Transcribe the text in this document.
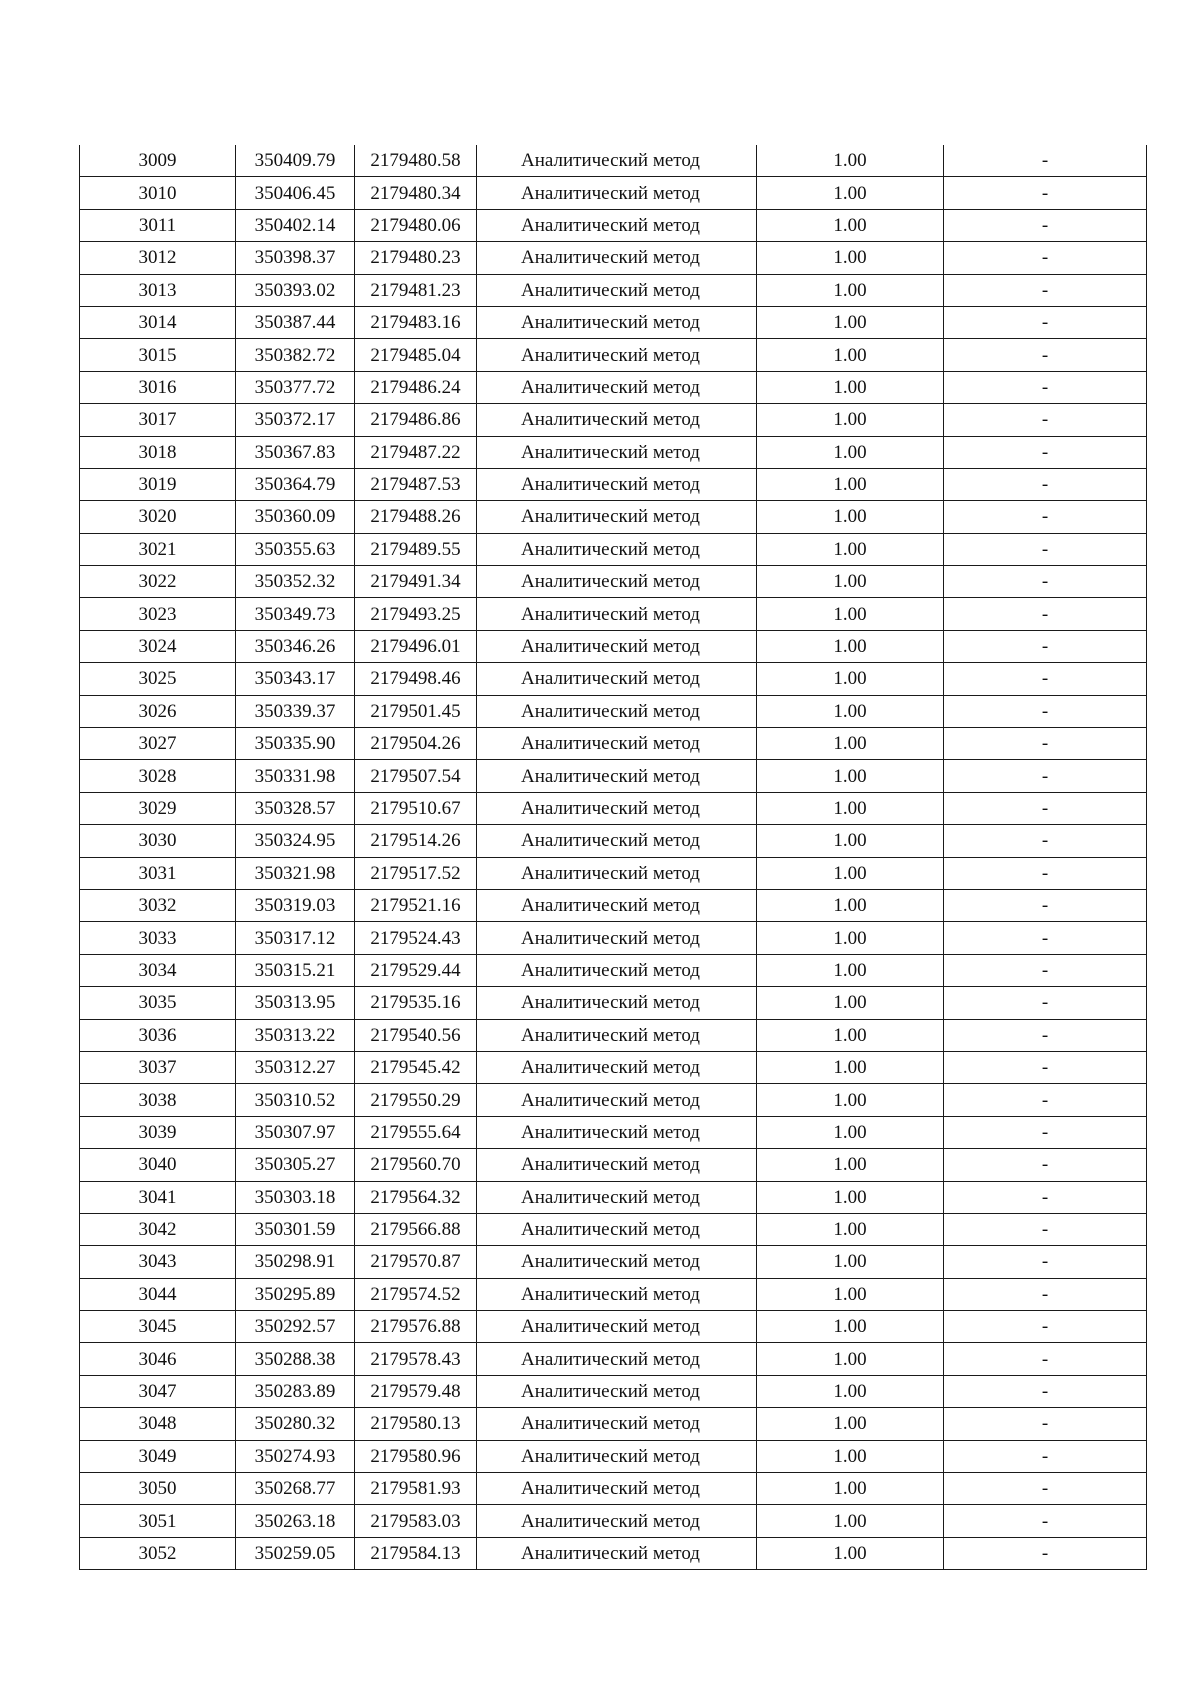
3009	350409.79	2179480.58	Аналитический метод	1.00	-
3010	350406.45	2179480.34	Аналитический метод	1.00	-
3011	350402.14	2179480.06	Аналитический метод	1.00	-
3012	350398.37	2179480.23	Аналитический метод	1.00	-
3013	350393.02	2179481.23	Аналитический метод	1.00	-
3014	350387.44	2179483.16	Аналитический метод	1.00	-
3015	350382.72	2179485.04	Аналитический метод	1.00	-
3016	350377.72	2179486.24	Аналитический метод	1.00	-
3017	350372.17	2179486.86	Аналитический метод	1.00	-
3018	350367.83	2179487.22	Аналитический метод	1.00	-
3019	350364.79	2179487.53	Аналитический метод	1.00	-
3020	350360.09	2179488.26	Аналитический метод	1.00	-
3021	350355.63	2179489.55	Аналитический метод	1.00	-
3022	350352.32	2179491.34	Аналитический метод	1.00	-
3023	350349.73	2179493.25	Аналитический метод	1.00	-
3024	350346.26	2179496.01	Аналитический метод	1.00	-
3025	350343.17	2179498.46	Аналитический метод	1.00	-
3026	350339.37	2179501.45	Аналитический метод	1.00	-
3027	350335.90	2179504.26	Аналитический метод	1.00	-
3028	350331.98	2179507.54	Аналитический метод	1.00	-
3029	350328.57	2179510.67	Аналитический метод	1.00	-
3030	350324.95	2179514.26	Аналитический метод	1.00	-
3031	350321.98	2179517.52	Аналитический метод	1.00	-
3032	350319.03	2179521.16	Аналитический метод	1.00	-
3033	350317.12	2179524.43	Аналитический метод	1.00	-
3034	350315.21	2179529.44	Аналитический метод	1.00	-
3035	350313.95	2179535.16	Аналитический метод	1.00	-
3036	350313.22	2179540.56	Аналитический метод	1.00	-
3037	350312.27	2179545.42	Аналитический метод	1.00	-
3038	350310.52	2179550.29	Аналитический метод	1.00	-
3039	350307.97	2179555.64	Аналитический метод	1.00	-
3040	350305.27	2179560.70	Аналитический метод	1.00	-
3041	350303.18	2179564.32	Аналитический метод	1.00	-
3042	350301.59	2179566.88	Аналитический метод	1.00	-
3043	350298.91	2179570.87	Аналитический метод	1.00	-
3044	350295.89	2179574.52	Аналитический метод	1.00	-
3045	350292.57	2179576.88	Аналитический метод	1.00	-
3046	350288.38	2179578.43	Аналитический метод	1.00	-
3047	350283.89	2179579.48	Аналитический метод	1.00	-
3048	350280.32	2179580.13	Аналитический метод	1.00	-
3049	350274.93	2179580.96	Аналитический метод	1.00	-
3050	350268.77	2179581.93	Аналитический метод	1.00	-
3051	350263.18	2179583.03	Аналитический метод	1.00	-
3052	350259.05	2179584.13	Аналитический метод	1.00	-
